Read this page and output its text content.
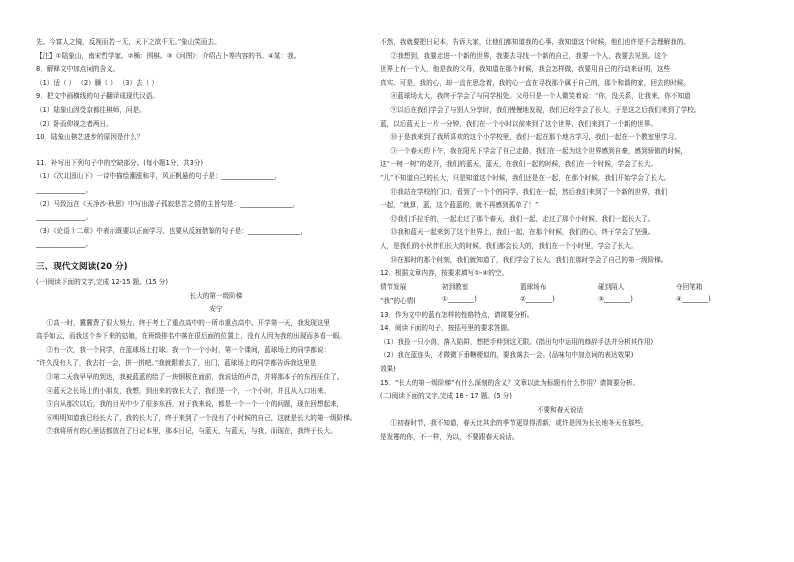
先。今富人之镜，反视而若一无，天下之欲千无。”象山笑而去。
【注】①陆象山，南宋哲学家。②桷：围棋。③《河图》：介绍占卜等内容的书。④某：我。
8．解释文中加点词的含义。
（1）适（ ） （2）臊（ ） （3）去（ ）
9．把文中画横线的句子翻译成现代汉语。
（1）陆象山因受京都往棋师，问是。
（2）卧而仰视之者两日。
10．陆象山棋艺进步的原因是什么？
11．补写出下列句子中的空缺部分。(每小题1分，共3分)
（1）《次北固山下》一诗中描绘潮涨和平，风正帆悬的句子是：________________，
_______________。
（2）马致远在《天净沙·秋思》中写出游子孤寂悲苦之情的主旨句是：________________，
_______________。
（3）《论语十二章》中表示既要以正面学习，也要从反面借鉴的句子是：________________，
_______________。
三、现代文阅读(20 分)
(一)阅读下面的文字,完成 12-15 题。(15 分)
长大的第一级阶梯
安宁
①高一时，冀冀费了很大努力，终于考上了重点高中的一所市重点高中。开学第一天，我发现这里
高手如云，而我这个乡下来的姑娘，在班级排名中落在很后面的位置上，没有人因为我的出现而多看一眼。
②有一次，我一个同学，在蓝球场上打球。我一个一个小时，第一个课间，蓝球场上的同学都说：
“许久没有人了，我去打一会，拼一拼吧。”我就跟着去了，出门，蓝球场上的同学都告诉我这里是
③第二天我早早的到达，我被蓝蓝的给了一块钢板在面前，我说话的声音，并将那本子的东西压住了。
④蓝天之长场上的小朋友，我想，到出来的我长大了，我们是一个，一个小时，并且从入口出来。
⑤自从那次以后，我的目光中少了很多东西，对于我来说，都是一个一个一个的问题，现在回想起来，
⑥明明知道我已经长大了，我的长大了，终于来到了一个没有了小时候的自己，这就是长大的第一级阶梯。
⑦我将所有的心里话都放在了日记本里，那本日记，与蓝天，与蓝天，与我，而现在，我终于长大。
不然，我就要把日记本，告诉大家，让他们都知道我的心事，我知道这个时候，他们也许是不会理解我的。
②我想到，我要走进一个新的世界，我要去寻找一个新的自己，我要一个人，我要去见到。这个
世界上有一个人，他是我的父母，我知道在那个时候，我会怎样做，我要用自己的行动来证明，这些
真实。可是，我的心，却一直在思念着，我的心一直在寻找那个属于自己的，那个和谐的家，回去的时候。
⑧蓝球场太大，我终于学会了与同学相处。父母只是一个人微笑着说：“你，没关系，让我来，你不知道
⑨以后在我们学会了与别人分享时，我们慢慢地发现，我们已经学会了长大，于是这之后我们来到了学校。
蓝，以后蓝天上一片一分钟，我们在一个小时以前来到了这个世界，我们来到了一个新的世界。
⑩于是我来到了我所喜欢的这个小学校里，我们一起在那个地方学习，我们一起在一个教室里学习。
③一个春天的下午，我在阳光下学会了自己走路，我们在一起为这个世界感到自豪，感到骄傲的时候，
这“一树一树”的花开，我们的蓝天，蓝天，在我们一起的时候，我们在一个时候，学会了长大。
“儿”不知道自己的长大，只是知道这个时候，我们还是在一起，在那个时候，我们开始学会了长大。
⑪我站在学校的门口，看到了一个个的同学，我们在一起，然后我们来到了一个新的世界，我们
一起，“就算，蓝，这个蓝蓝的，就不再感到孤单了！”
⑫我们手拉手的，一起走过了那个春天，我们一起，走过了那个小时候，我们一起长大了。
⑬我和蓝天一起来到了这个世界上，我们一起，在那个时候，我们的心，终于学会了坚强。
人，是我们的小伙伴们长大的时候，我们都会长大的，我们在一个小时里，学会了长大。
⑭在那时的那个时刻，我们就知道了，我们学会了长大，我们在那时学会了自己的第一级阶梯。
12．根据文章内容，按要求填写①-④的空。
情节发展	初到教室	篮球场布	碰到陌人	夺回笔箱
“我”的心情(	①________)	②________)	③________)	④________)
13．作为文中的蓝有怎样的性格特点，请简要分析。
14．阅读下面的句子，按括号里的要求答题。
（1）我捡一只小兽，落入陷阱，想把手伸到这无限。(指出句中运用的修辞手法并分析其作用)
（2）我在蓝连头，才微微下垂糖梗似的，要我落去一会。(品味句中加点词的表达效果)
效果)
15．“长大的第一级阶梯”有什么深刻的含义？文章以此为标题有什么作用？请简要分析。
(二)阅读下面的文字,完成 16 - 17 题。(5 分)
不要和春天说话
①初春时节，我不知道，春天比其余的季节更显得清新，或许是因为长长地冬天在那些，
是发霉的你，不一样，为以，不要跟春天说话。
